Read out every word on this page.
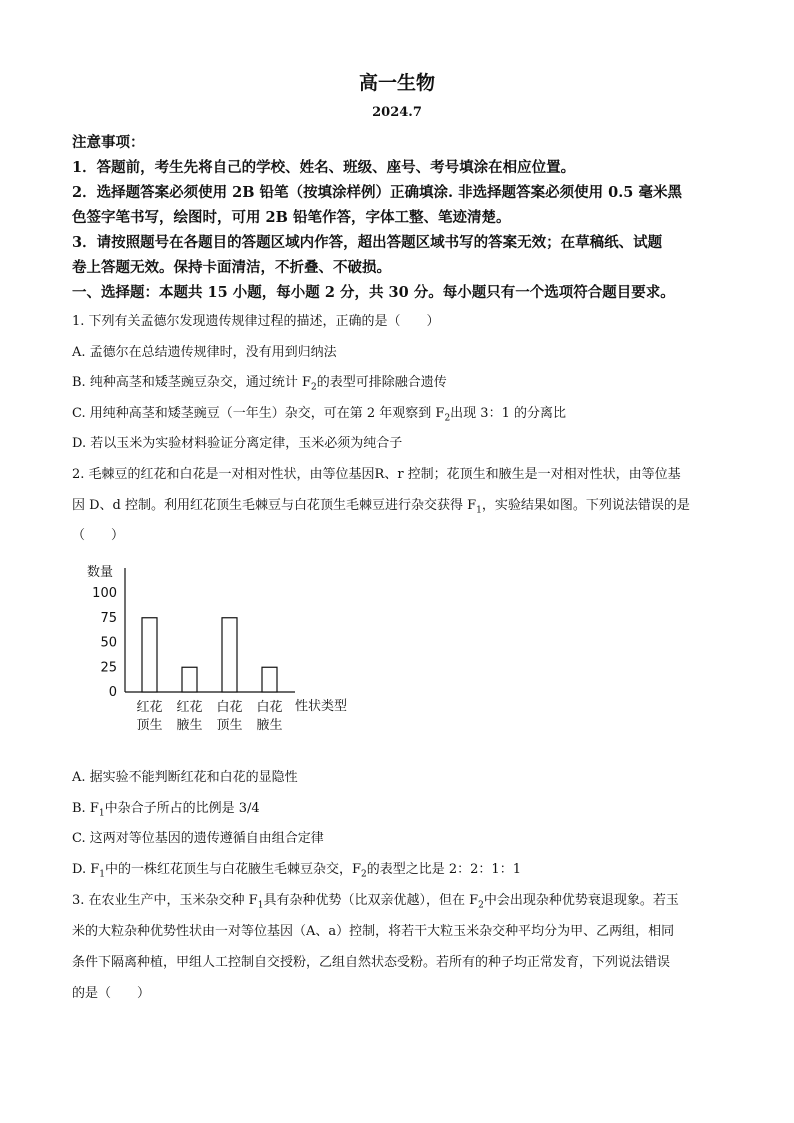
高一生物
2024.7
注意事项：
1．答题前，考生先将自己的学校、姓名、班级、座号、考号填涂在相应位置。
2．选择题答案必须使用 2B 铅笔（按填涂样例）正确填涂. 非选择题答案必须使用 0.5 毫米黑
色签字笔书写，绘图时，可用 2B 铅笔作答，字体工整、笔迹清楚。
3．请按照题号在各题目的答题区域内作答，超出答题区域书写的答案无效；在草稿纸、试题
卷上答题无效。保持卡面清洁，不折叠、不破损。
一、选择题：本题共 15 小题，每小题 2 分，共 30 分。每小题只有一个选项符合题目要求。
1. 下列有关孟德尔发现遗传规律过程的描述，正确的是（　　）
A. 孟德尔在总结遗传规律时，没有用到归纳法
B. 纯种高茎和矮茎豌豆杂交，通过统计 $F_2$的表型可排除融合遗传
C. 用纯种高茎和矮茎豌豆（一年生）杂交，可在第 2 年观察到 $F_2$出现 3：1 的分离比
D. 若以玉米为实验材料验证分离定律，玉米必须为纯合子
2. 毛棘豆的红花和白花是一对相对性状，由等位基因R、r 控制；花顶生和腋生是一对相对性状，由等位基
因 D、d 控制。利用红花顶生毛棘豆与白花顶生毛棘豆进行杂交获得 $F_1$，实验结果如图。下列说法错误的是
（　　）
数量
100
75
50
25
0
红花
顶生
红花
腋生
白花
顶生
白花
腋生
性状类型
A. 据实验不能判断红花和白花的显隐性
B. $F_1$中杂合子所占的比例是 3/4
C. 这两对等位基因的遗传遵循自由组合定律
D. $F_1$中的一株红花顶生与白花腋生毛棘豆杂交，$F_2$的表型之比是 2：2：1：1
3. 在农业生产中，玉米杂交种 $F_1$具有杂种优势（比双亲优越），但在 $F_2$中会出现杂种优势衰退现象。若玉
米的大粒杂种优势性状由一对等位基因（A、a）控制，将若干大粒玉米杂交种平均分为甲、乙两组，相同
条件下隔离种植，甲组人工控制自交授粉，乙组自然状态受粉。若所有的种子均正常发育，下列说法错误
的是（　　）
